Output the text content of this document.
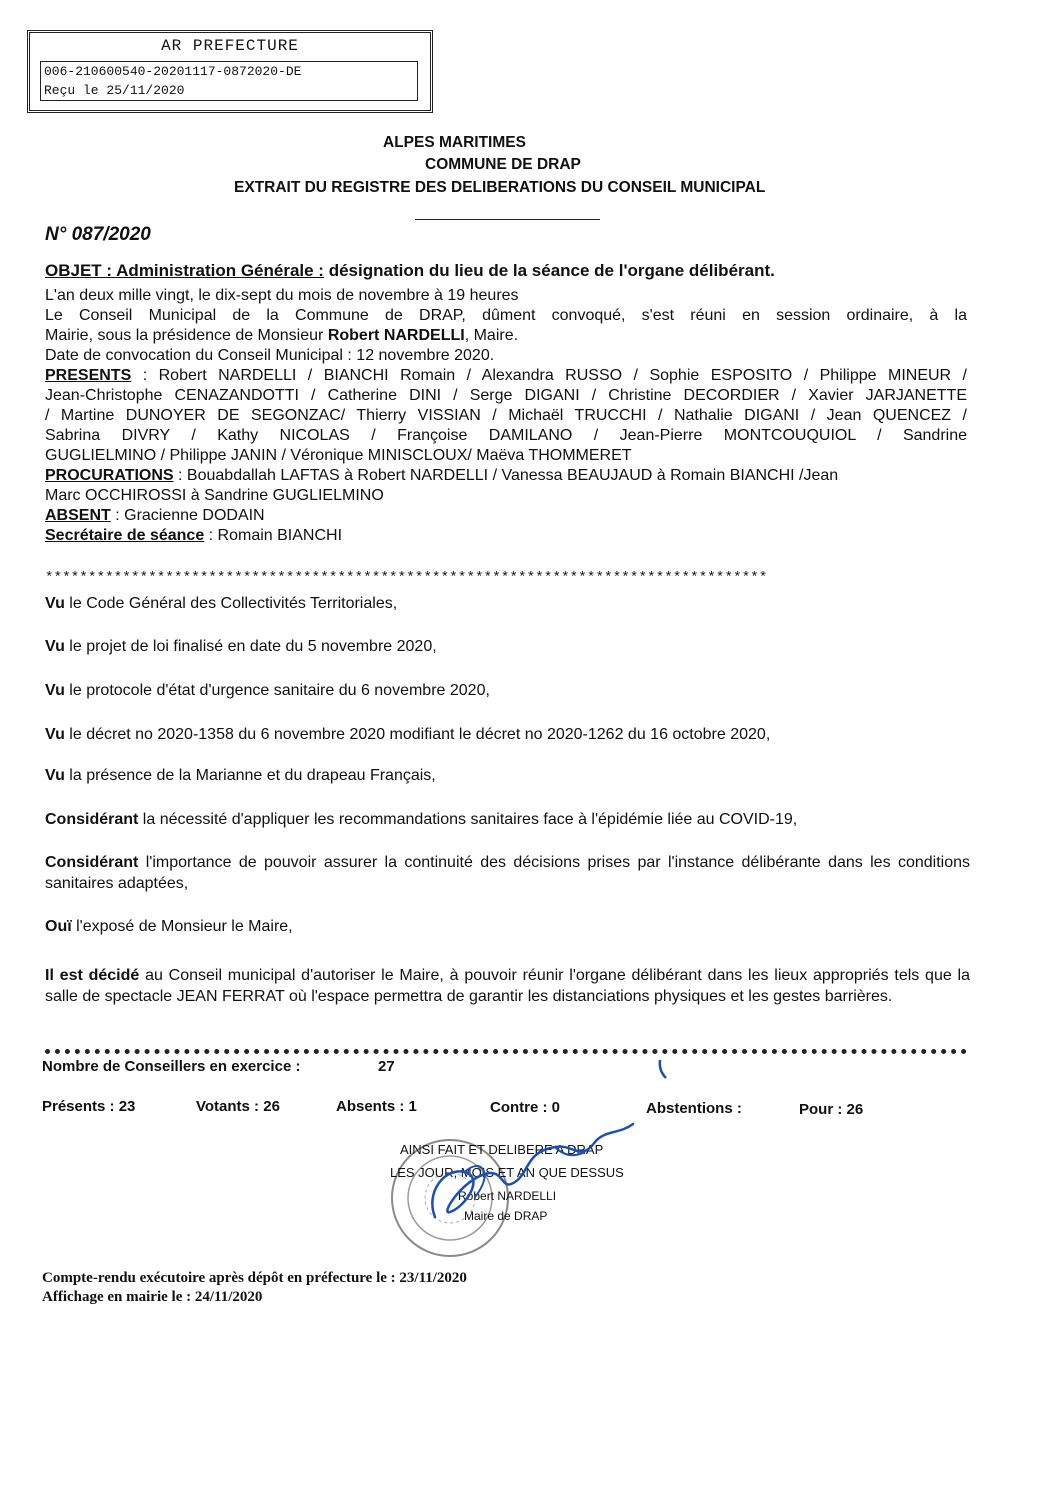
AR PREFECTURE
006-210600540-20201117-0872020-DE
Reçu le 25/11/2020
ALPES MARITIMES
COMMUNE DE DRAP
EXTRAIT DU REGISTRE DES DELIBERATIONS DU CONSEIL MUNICIPAL
N° 087/2020
OBJET : Administration Générale : désignation du lieu de la séance de l'organe délibérant.
L'an deux mille vingt, le dix-sept du mois de novembre à 19 heures
Le Conseil Municipal de la Commune de DRAP, dûment convoqué, s'est réuni en session ordinaire, à la
Mairie, sous la présidence de Monsieur Robert NARDELLI, Maire.
Date de convocation du Conseil Municipal : 12 novembre 2020.
PRESENTS : Robert NARDELLI / BIANCHI Romain / Alexandra RUSSO / Sophie ESPOSITO / Philippe MINEUR /
Jean-Christophe CENAZANDOTTI / Catherine DINI / Serge DIGANI / Christine DECORDIER / Xavier JARJANETTE
/ Martine DUNOYER DE SEGONZAC/ Thierry VISSIAN / Michaël TRUCCHI / Nathalie DIGANI / Jean QUENCEZ /
Sabrina DIVRY / Kathy NICOLAS / Françoise DAMILANO / Jean-Pierre MONTCOUQUIOL / Sandrine
GUGLIELMINO / Philippe JANIN / Véronique MINISCLOUX/ Maëva THOMMERET
PROCURATIONS : Bouabdallah LAFTAS à Robert NARDELLI / Vanessa BEAUJAUD à Romain BIANCHI /Jean
Marc OCCHIROSSI à Sandrine GUGLIELMINO
ABSENT : Gracienne DODAIN
Secrétaire de séance : Romain BIANCHI
************************************************************************************
Vu le Code Général des Collectivités Territoriales,
Vu le projet de loi finalisé en date du 5 novembre 2020,
Vu le protocole d'état d'urgence sanitaire du 6 novembre 2020,
Vu le décret no 2020-1358 du 6 novembre 2020 modifiant le décret no 2020-1262 du 16 octobre 2020,
Vu la présence de la Marianne et du drapeau Français,
Considérant la nécessité d'appliquer les recommandations sanitaires face à l'épidémie liée au COVID-19,
Considérant l'importance de pouvoir assurer la continuité des décisions prises par l'instance délibérante dans les conditions sanitaires adaptées,
Ouï l'exposé de Monsieur le Maire,
Il est décidé au Conseil municipal d'autoriser le Maire, à pouvoir réunir l'organe délibérant dans les lieux appropriés tels que la salle de spectacle JEAN FERRAT où l'espace permettra de garantir les distanciations physiques et les gestes barrières.
Nombre de Conseillers en exercice :	27
Présents : 23	Votants : 26	Absents : 1	Contre : 0	Abstentions :	Pour : 26
AINSI FAIT ET DELIBERE A DRAP
LES JOUR, MOIS ET AN QUE DESSUS
Robert NARDELLI
Maire de DRAP
Compte-rendu exécutoire après dépôt en préfecture le : 23/11/2020
Affichage en mairie le : 24/11/2020
